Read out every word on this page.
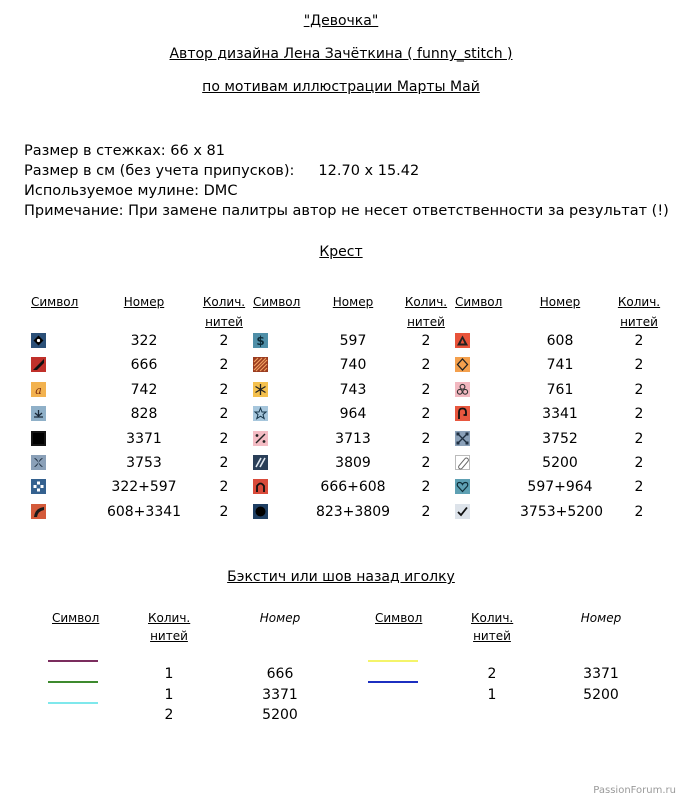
"Девочка"
Автор дизайна Лена Зачёткина ( funny_stitch )
по мотивам иллюстрации Марты Май
Размер в стежках: 66 х 81
Размер в см (без учета припусков): 12.70 х 15.42
Используемое мулине: DMC
Примечание: При замене палитры автор не несет ответственности за результат (!)
Крест
Символ	Номер	Колич.
нитей
322	2
666	2
a	742	2
828	2
3371	2
3753	2
322+597	2
608+3341	2
Символ	Номер	Колич.
нитей
$	597	2
740	2
743	2
964	2
3713	2
3809	2
666+608	2
823+3809	2
Символ	Номер	Колич.
нитей
608	2
741	2
761	2
3341	2
3752	2
5200	2
597+964	2
3753+5200	2
Бэкстич или шов назад иголку
Символ	Колич.
нитей
Номер
1	666
1	3371
2	5200
Символ	Колич.
нитей
Номер
2	3371
1	5200
PassionForum.ru
